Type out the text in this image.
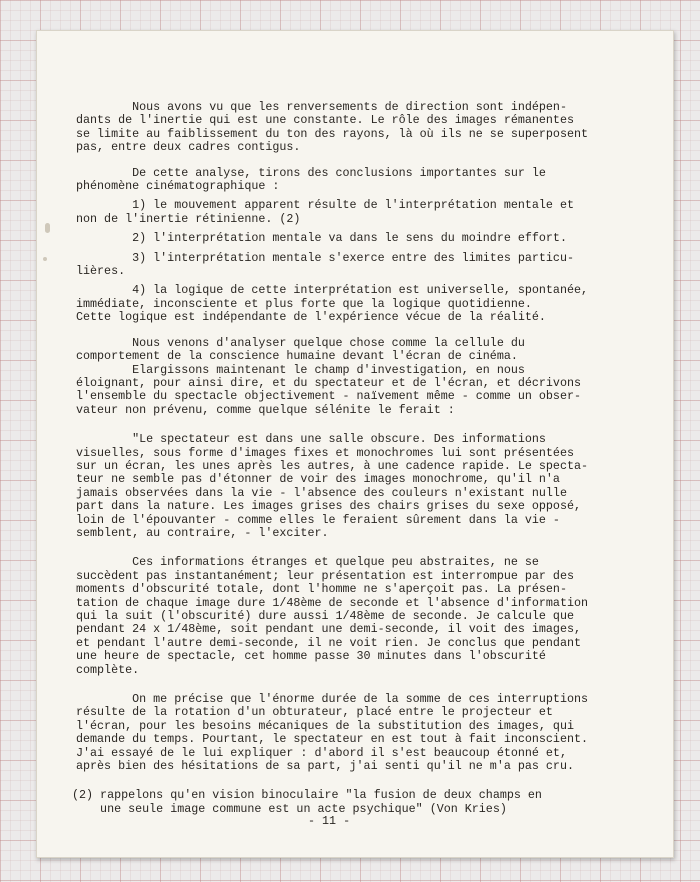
Nous avons vu que les renversements de direction sont indépen-
dants de l'inertie qui est une constante. Le rôle des images rémanentes
se limite au faiblissement du ton des rayons, là où ils ne se superposent
pas, entre deux cadres contigus.
De cette analyse, tirons des conclusions importantes sur le
phénomène cinématographique :
1) le mouvement apparent résulte de l'interprétation mentale et
non de l'inertie rétinienne. (2)
2) l'interprétation mentale va dans le sens du moindre effort.
3) l'interprétation mentale s'exerce entre des limites particu-
lières.
4) la logique de cette interprétation est universelle, spontanée,
immédiate, inconsciente et plus forte que la logique quotidienne.
Cette logique est indépendante de l'expérience vécue de la réalité.
Nous venons d'analyser quelque chose comme la cellule du
comportement de la conscience humaine devant l'écran de cinéma.
Elargissons maintenant le champ d'investigation, en nous
éloignant, pour ainsi dire, et du spectateur et de l'écran, et décrivons
l'ensemble du spectacle objectivement - naïvement même - comme un obser-
vateur non prévenu, comme quelque sélénite le ferait :
"Le spectateur est dans une salle obscure. Des informations
visuelles, sous forme d'images fixes et monochromes lui sont présentées
sur un écran, les unes après les autres, à une cadence rapide. Le specta-
teur ne semble pas d'étonner de voir des images monochrome, qu'il n'a
jamais observées dans la vie - l'absence des couleurs n'existant nulle
part dans la nature. Les images grises des chairs grises du sexe opposé,
loin de l'épouvanter - comme elles le feraient sûrement dans la vie -
semblent, au contraire, - l'exciter.
Ces informations étranges et quelque peu abstraites, ne se
succèdent pas instantanément; leur présentation est interrompue par des
moments d'obscurité totale, dont l'homme ne s'aperçoit pas. La présen-
tation de chaque image dure 1/48ème de seconde et l'absence d'information
qui la suit (l'obscurité) dure aussi 1/48ème de seconde. Je calcule que
pendant 24 x 1/48ème, soit pendant une demi-seconde, il voit des images,
et pendant l'autre demi-seconde, il ne voit rien. Je conclus que pendant
une heure de spectacle, cet homme passe 30 minutes dans l'obscurité
complète.
On me précise que l'énorme durée de la somme de ces interruptions
résulte de la rotation d'un obturateur, placé entre le projecteur et
l'écran, pour les besoins mécaniques de la substitution des images, qui
demande du temps. Pourtant, le spectateur en est tout à fait inconscient.
J'ai essayé de le lui expliquer : d'abord il s'est beaucoup étonné et,
après bien des hésitations de sa part, j'ai senti qu'il ne m'a pas cru.
(2) rappelons qu'en vision binoculaire "la fusion de deux champs en
une seule image commune est un acte psychique" (Von Kries)
- 11 -
